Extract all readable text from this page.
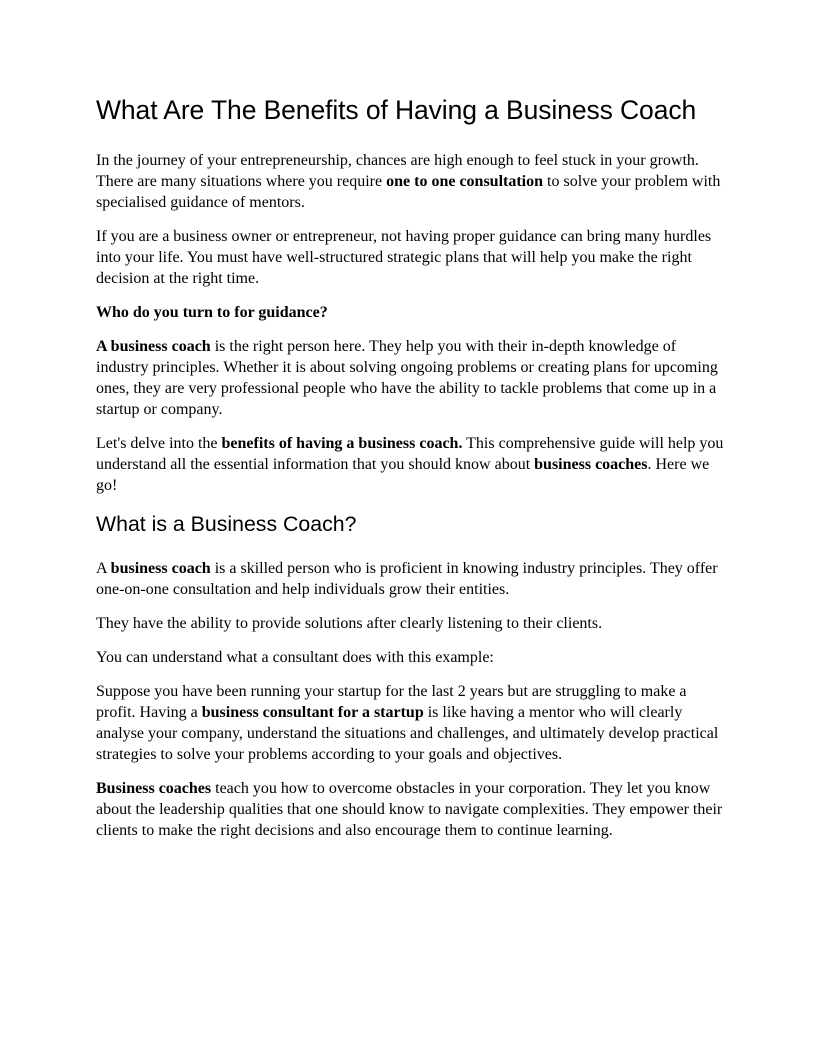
What Are The Benefits of Having a Business Coach

In the journey of your entrepreneurship, chances are high enough to feel stuck in your growth. There are many situations where you require one to one consultation to solve your problem with specialised guidance of mentors.

If you are a business owner or entrepreneur, not having proper guidance can bring many hurdles into your life. You must have well-structured strategic plans that will help you make the right decision at the right time.

Who do you turn to for guidance?

A business coach is the right person here. They help you with their in-depth knowledge of industry principles. Whether it is about solving ongoing problems or creating plans for upcoming ones, they are very professional people who have the ability to tackle problems that come up in a startup or company.

Let's delve into the benefits of having a business coach. This comprehensive guide will help you understand all the essential information that you should know about business coaches. Here we go!

What is a Business Coach?

A business coach is a skilled person who is proficient in knowing industry principles. They offer one-on-one consultation and help individuals grow their entities.

They have the ability to provide solutions after clearly listening to their clients.

You can understand what a consultant does with this example:

Suppose you have been running your startup for the last 2 years but are struggling to make a profit. Having a business consultant for a startup is like having a mentor who will clearly analyse your company, understand the situations and challenges, and ultimately develop practical strategies to solve your problems according to your goals and objectives.

Business coaches teach you how to overcome obstacles in your corporation. They let you know about the leadership qualities that one should know to navigate complexities. They empower their clients to make the right decisions and also encourage them to continue learning.
